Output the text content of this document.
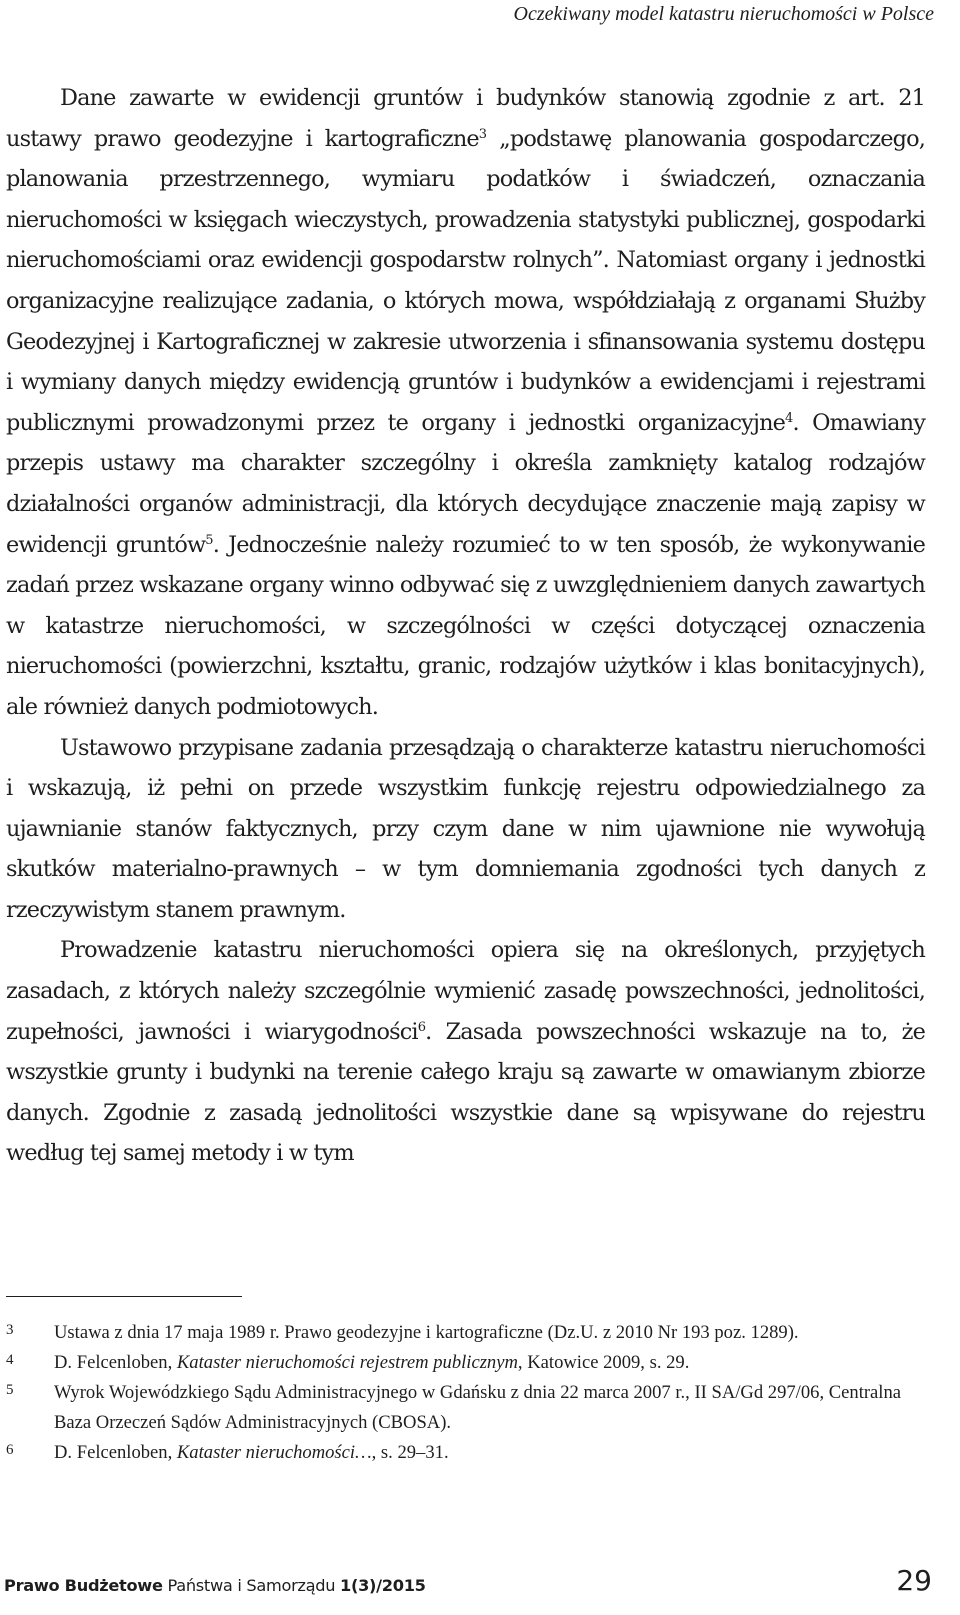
Oczekiwany model katastru nieruchomości w Polsce

Dane zawarte w ewidencji gruntów i budynków stanowią zgodnie z art. 21 ustawy prawo geodezyjne i kartograficzne$^3$ „podstawę planowania gospodarczego, planowania przestrzennego, wymiaru podatków i świadczeń, oznaczania nieruchomości w księgach wieczystych, prowadzenia statystyki publicznej, gospodarki nieruchomościami oraz ewidencji gospodarstw rolnych”. Natomiast organy i jednostki organizacyjne realizujące zadania, o których mowa, współdziałają z organami Służby Geodezyjnej i Kartograficznej w zakresie utworzenia i sfinansowania systemu dostępu i wymiany danych między ewidencją gruntów i budynków a ewidencjami i rejestrami publicznymi prowadzonymi przez te organy i jednostki organizacyjne$^4$. Omawiany przepis ustawy ma charakter szczególny i określa zamknięty katalog rodzajów działalności organów administracji, dla których decydujące znaczenie mają zapisy w ewidencji gruntów$^5$. Jednocześnie należy rozumieć to w ten sposób, że wykonywanie zadań przez wskazane organy winno odbywać się z uwzględnieniem danych zawartych w katastrze nieruchomości, w szczególności w części dotyczącej oznaczenia nieruchomości (powierzchni, kształtu, granic, rodzajów użytków i klas bonitacyjnych), ale również danych podmiotowych.

Ustawowo przypisane zadania przesądzają o charakterze katastru nieruchomości i wskazują, iż pełni on przede wszystkim funkcję rejestru odpowiedzialnego za ujawnianie stanów faktycznych, przy czym dane w nim ujawnione nie wywołują skutków materialno-prawnych – w tym domniemania zgodności tych danych z rzeczywistym stanem prawnym.

Prowadzenie katastru nieruchomości opiera się na określonych, przyjętych zasadach, z których należy szczególnie wymienić zasadę powszechności, jednolitości, zupełności, jawności i wiarygodności$^6$. Zasada powszechności wskazuje na to, że wszystkie grunty i budynki na terenie całego kraju są zawarte w omawianym zbiorze danych. Zgodnie z zasadą jednolitości wszystkie dane są wpisywane do rejestru według tej samej metody i w tym

3	Ustawa z dnia 17 maja 1989 r. Prawo geodezyjne i kartograficzne (Dz.U. z 2010 Nr 193 poz. 1289).
4	D. Felcenloben, Kataster nieruchomości rejestrem publicznym, Katowice 2009, s. 29.
5	Wyrok Wojewódzkiego Sądu Administracyjnego w Gdańsku z dnia 22 marca 2007 r., II SA/Gd 297/06, Centralna Baza Orzeczeń Sądów Administracyjnych (CBOSA).
6	D. Felcenloben, Kataster nieruchomości…, s. 29–31.
Prawo Budżetowe Państwa i Samorządu 1(3)/2015	29
